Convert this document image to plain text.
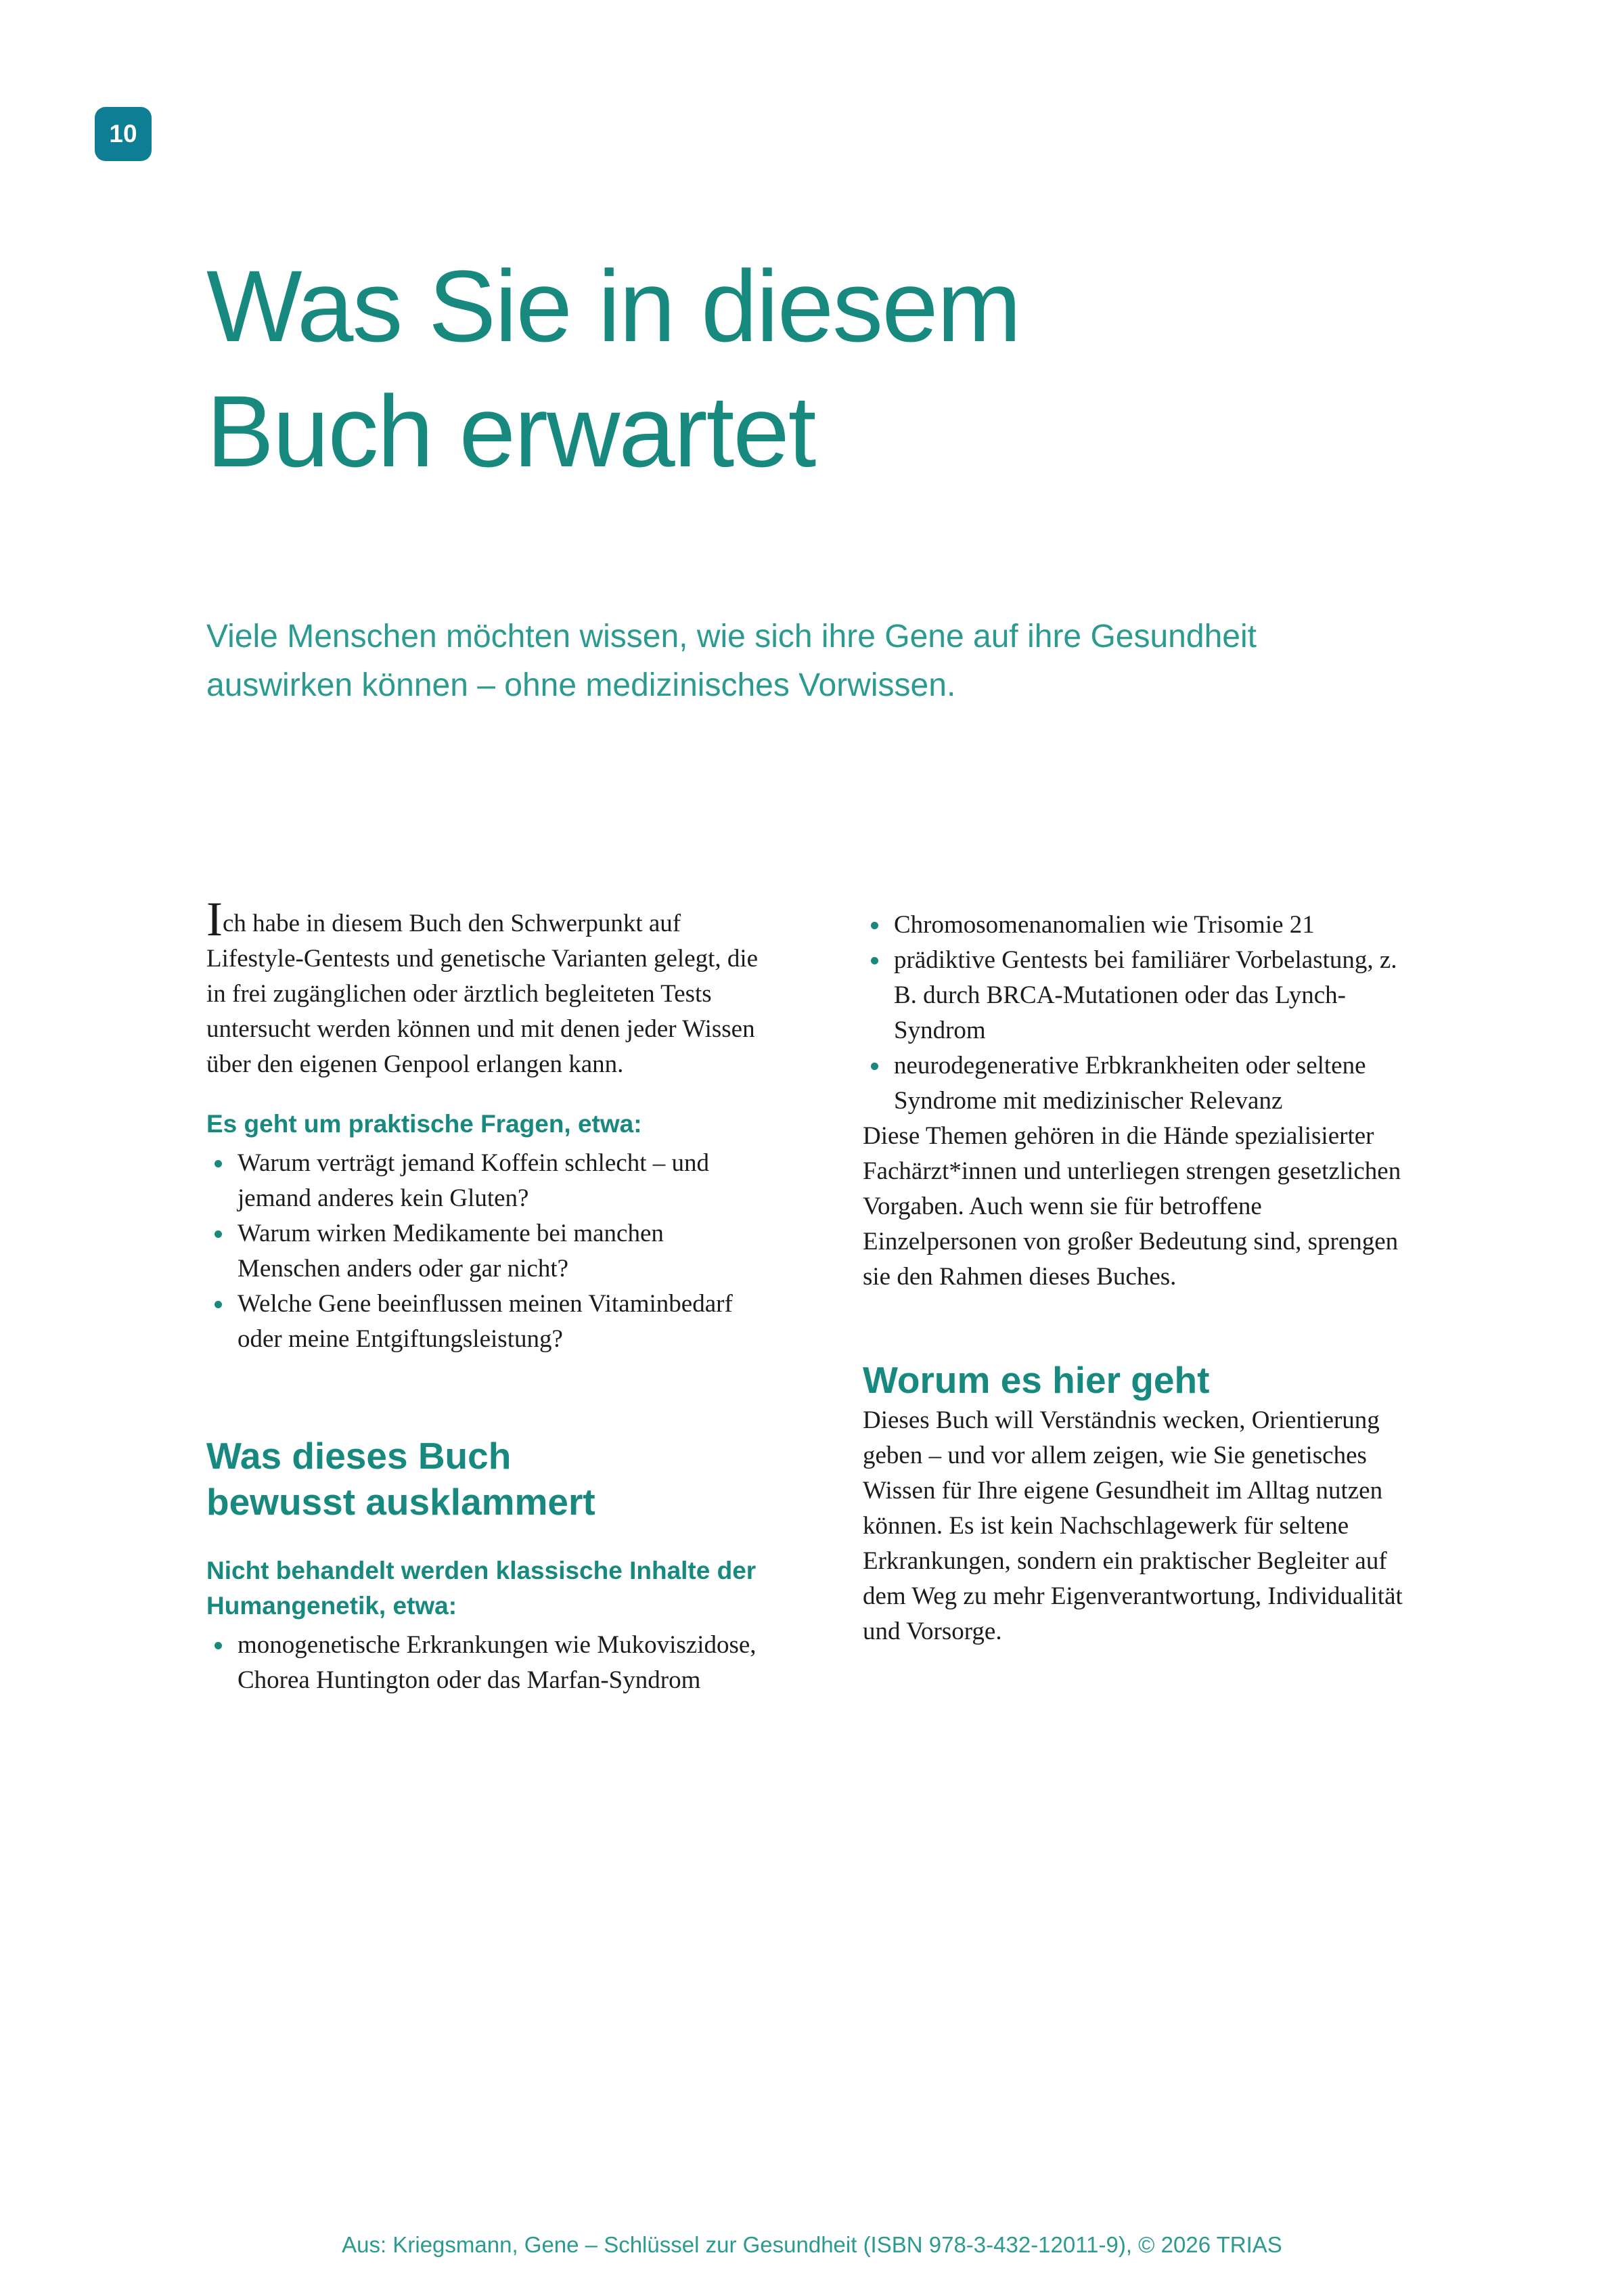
10
Was Sie in diesem
Buch erwartet
Viele Menschen möchten wissen, wie sich ihre Gene auf ihre Gesundheit auswirken können – ohne medizinisches Vorwissen.

Ich habe in diesem Buch den Schwerpunkt auf Lifestyle-Gentests und genetische Varianten gelegt, die in frei zugänglichen oder ärztlich begleiteten Tests untersucht werden können und mit denen jeder Wissen über den eigenen Genpool erlangen kann.

Es geht um praktische Fragen, etwa:
Warum verträgt jemand Koffein schlecht – und jemand anderes kein Gluten?
Warum wirken Medikamente bei manchen Menschen anders oder gar nicht?
Welche Gene beeinflussen meinen Vitaminbedarf oder meine Entgiftungsleistung?
Was dieses Buch bewusst ausklammert
Nicht behandelt werden klassische Inhalte der Humangenetik, etwa:
monogenetische Erkrankungen wie Mukoviszidose, Chorea Huntington oder das Marfan-Syndrom
Chromosomenanomalien wie Trisomie 21
prädiktive Gentests bei familiärer Vorbelastung, z. B. durch BRCA-Mutationen oder das Lynch-Syndrom
neurodegenerative Erbkrankheiten oder seltene Syndrome mit medizinischer Relevanz

Diese Themen gehören in die Hände spezialisierter Fachärzt*innen und unterliegen strengen gesetzlichen Vorgaben. Auch wenn sie für betroffene Einzelpersonen von großer Bedeutung sind, sprengen sie den Rahmen dieses Buches.

Worum es hier geht

Dieses Buch will Verständnis wecken, Orientierung geben – und vor allem zeigen, wie Sie genetisches Wissen für Ihre eigene Gesundheit im Alltag nutzen können. Es ist kein Nachschlagewerk für seltene Erkrankungen, sondern ein praktischer Begleiter auf dem Weg zu mehr Eigenverantwortung, Individualität und Vorsorge.

Aus: Kriegsmann, Gene – Schlüssel zur Gesundheit (ISBN 978-3-432-12011-9), © 2026 TRIAS
